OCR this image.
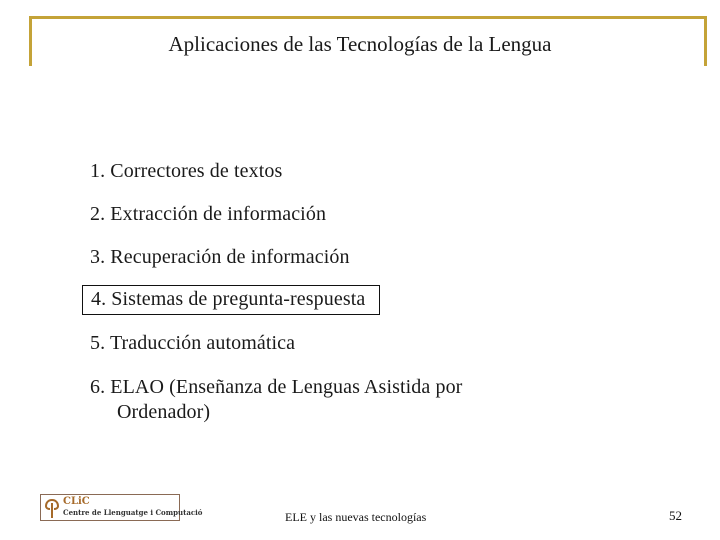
Aplicaciones de las Tecnologías de la Lengua
1. Correctores de textos
2. Extracción de información
3. Recuperación de información
4. Sistemas de pregunta-respuesta
5. Traducción automática
6. ELAO (Enseñanza de Lenguas Asistida por
Ordenador)
CLiC
Centre de Llenguatge i Computació	ELE y las nuevas tecnologías	52
